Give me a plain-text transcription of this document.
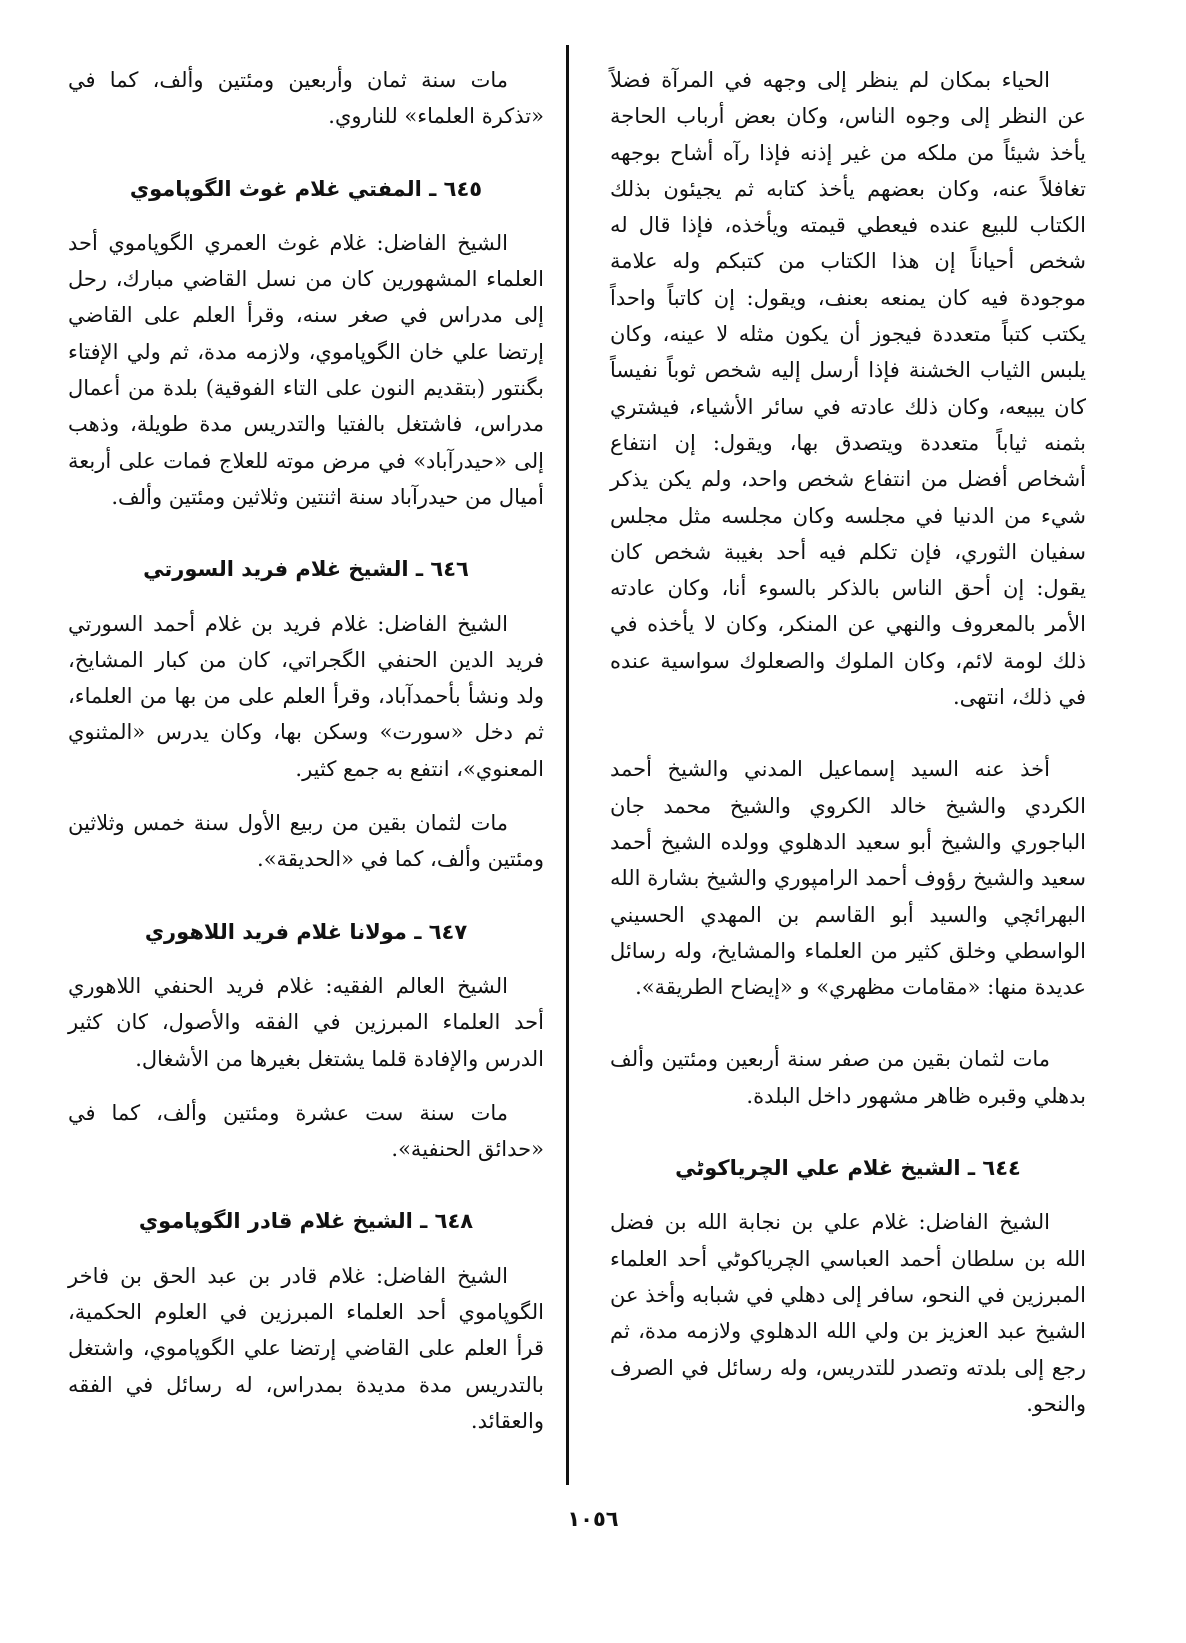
الحياء بمكان لم ينظر إلى وجهه في المرآة فضلاً عن النظر إلى وجوه الناس، وكان بعض أرباب الحاجة يأخذ شيئاً من ملكه من غير إذنه فإذا رآه أشاح بوجهه تغافلاً عنه، وكان بعضهم يأخذ كتابه ثم يجيئون بذلك الكتاب للبيع عنده فيعطي قيمته ويأخذه، فإذا قال له شخص أحياناً إن هذا الكتاب من كتبكم وله علامة موجودة فيه كان يمنعه بعنف، ويقول: إن كاتباً واحداً يكتب كتباً متعددة فيجوز أن يكون مثله لا عينه، وكان يلبس الثياب الخشنة فإذا أرسل إليه شخص ثوباً نفيساً كان يبيعه، وكان ذلك عادته في سائر الأشياء، فيشتري بثمنه ثياباً متعددة ويتصدق بها، ويقول: إن انتفاع أشخاص أفضل من انتفاع شخص واحد، ولم يكن يذكر شيء من الدنيا في مجلسه وكان مجلسه مثل مجلس سفيان الثوري، فإن تكلم فيه أحد بغيبة شخص كان يقول: إن أحق الناس بالذكر بالسوء أنا، وكان عادته الأمر بالمعروف والنهي عن المنكر، وكان لا يأخذه في ذلك لومة لائم، وكان الملوك والصعلوك سواسية عنده في ذلك، انتهى.

أخذ عنه السيد إسماعيل المدني والشيخ أحمد الكردي والشيخ خالد الكروي والشيخ محمد جان الباجوري والشيخ أبو سعيد الدهلوي وولده الشيخ أحمد سعيد والشيخ رؤوف أحمد الرامپوري والشيخ بشارة الله البهرائچي والسيد أبو القاسم بن المهدي الحسيني الواسطي وخلق كثير من العلماء والمشايخ، وله رسائل عديدة منها: «مقامات مظهري» و «إيضاح الطريقة».

مات لثمان بقين من صفر سنة أربعين ومئتين وألف بدهلي وقبره ظاهر مشهور داخل البلدة.

٦٤٤ ـ الشيخ غلام علي الچرياكوٹي

الشيخ الفاضل: غلام علي بن نجابة الله بن فضل الله بن سلطان أحمد العباسي الچرياكوٹي أحد العلماء المبرزين في النحو، سافر إلى دهلي في شبابه وأخذ عن الشيخ عبد العزيز بن ولي الله الدهلوي ولازمه مدة، ثم رجع إلى بلدته وتصدر للتدريس، وله رسائل في الصرف والنحو.

مات سنة ثمان وأربعين ومئتين وألف، كما في «تذكرة العلماء» للناروي.

٦٤٥ ـ المفتي غلام غوث الگوپاموي

الشيخ الفاضل: غلام غوث العمري الگوپاموي أحد العلماء المشهورين كان من نسل القاضي مبارك، رحل إلى مدراس في صغر سنه، وقرأ العلم على القاضي إرتضا علي خان الگوپاموي، ولازمه مدة، ثم ولي الإفتاء بگنتور (بتقديم النون على التاء الفوقية) بلدة من أعمال مدراس، فاشتغل بالفتيا والتدريس مدة طويلة، وذهب إلى «حيدرآباد» في مرض موته للعلاج فمات على أربعة أميال من حيدرآباد سنة اثنتين وثلاثين ومئتين وألف.

٦٤٦ ـ الشيخ غلام فريد السورتي

الشيخ الفاضل: غلام فريد بن غلام أحمد السورتي فريد الدين الحنفي الگجراتي، كان من كبار المشايخ، ولد ونشأ بأحمدآباد، وقرأ العلم على من بها من العلماء، ثم دخل «سورت» وسكن بها، وكان يدرس «المثنوي المعنوي»، انتفع به جمع كثير.

مات لثمان بقين من ربيع الأول سنة خمس وثلاثين ومئتين وألف، كما في «الحديقة».

٦٤٧ ـ مولانا غلام فريد اللاهوري

الشيخ العالم الفقيه: غلام فريد الحنفي اللاهوري أحد العلماء المبرزين في الفقه والأصول، كان كثير الدرس والإفادة قلما يشتغل بغيرها من الأشغال.

مات سنة ست عشرة ومئتين وألف، كما في «حدائق الحنفية».

٦٤٨ ـ الشيخ غلام قادر الگوپاموي

الشيخ الفاضل: غلام قادر بن عبد الحق بن فاخر الگوپاموي أحد العلماء المبرزين في العلوم الحكمية، قرأ العلم على القاضي إرتضا علي الگوپاموي، واشتغل بالتدريس مدة مديدة بمدراس، له رسائل في الفقه والعقائد.

١٠٥٦
